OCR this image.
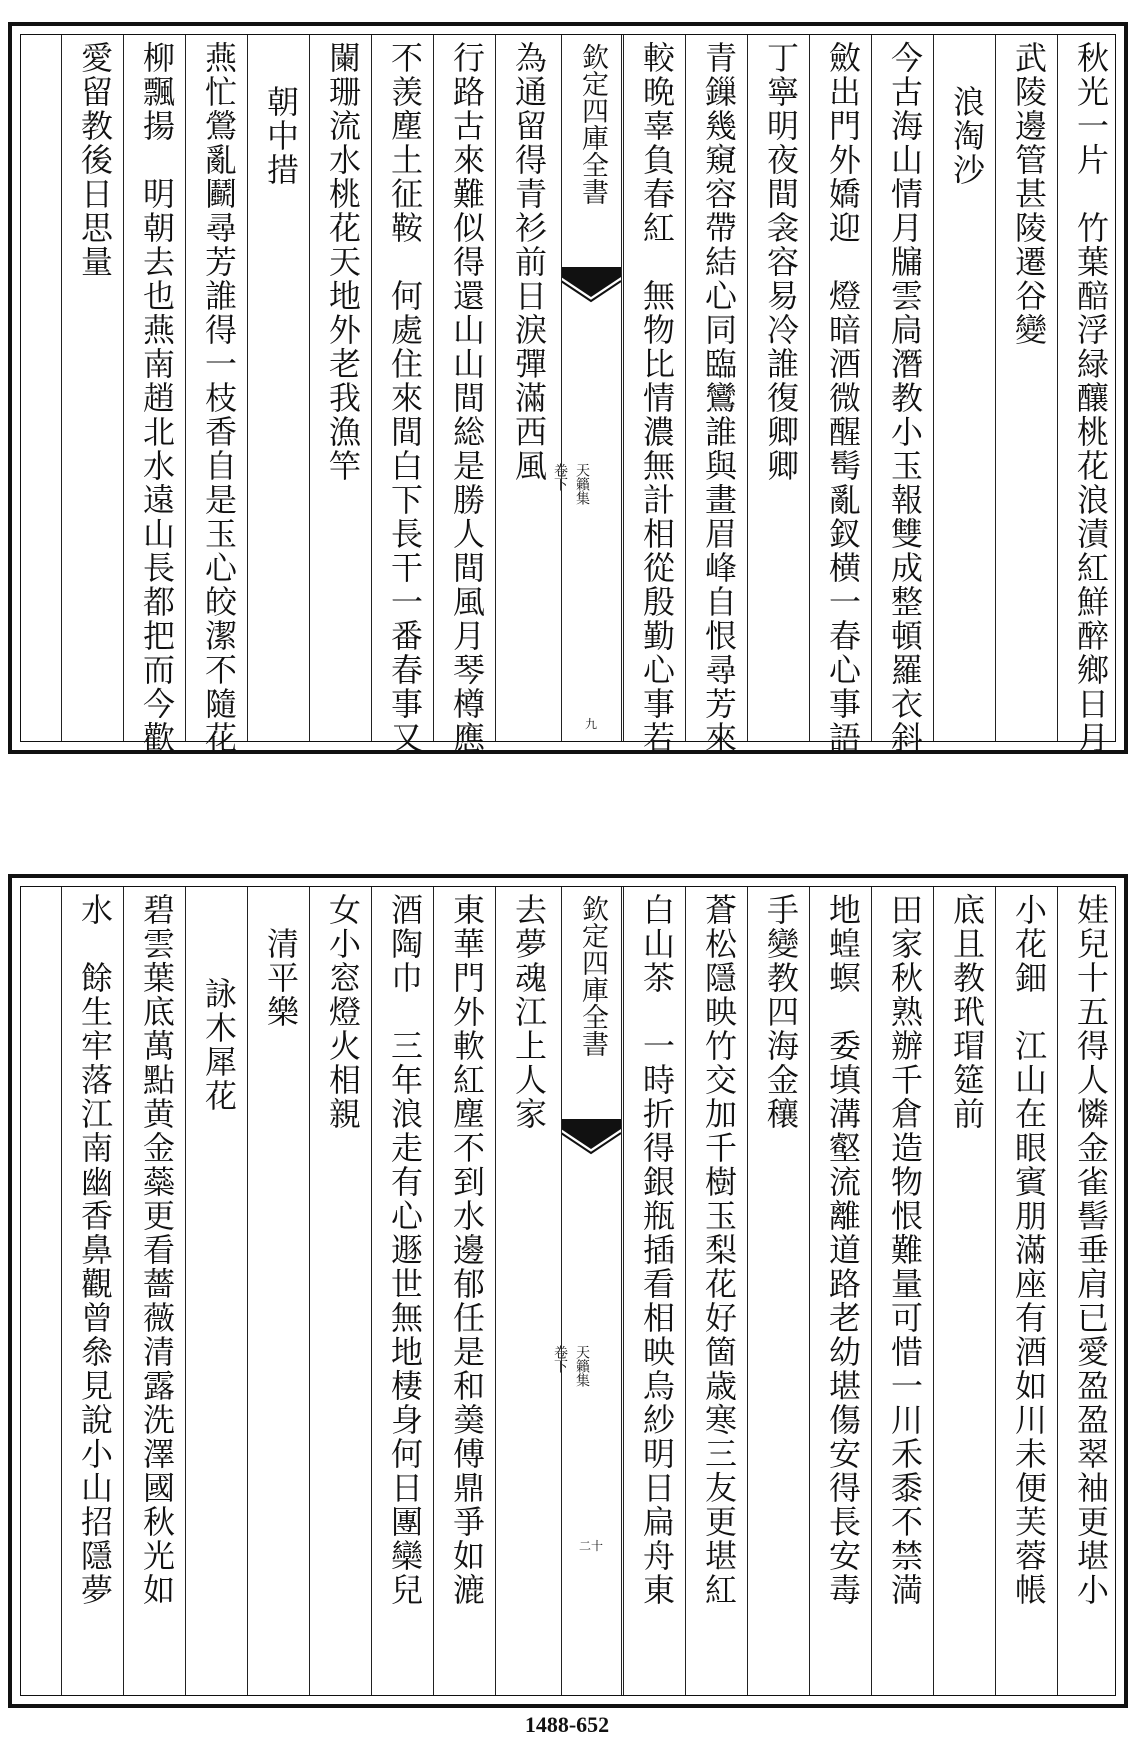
秋光一片　竹葉醅浮緑釀桃花浪漬紅鮮醉鄉日月
武陵邊管甚陵遷谷變
浪淘沙
今古海山情月牖雲扃潛教小玉報雙成整頓羅衣斜
斂出門外嬌迎　燈暗酒微醒髩亂釵横一春心事語
丁寧明夜間衾容易冷誰復卿卿
青鏁幾窺容帶結心同臨鸞誰與畫眉峰自恨尋芳來
較晩辜負春紅　無物比情濃無計相從殷勤心事若
欽定四庫全書

天籟集
卷下

九
為通留得青衫前日淚彈滿西風
行路古來難似得還山山間総是勝人間風月琴樽應
不羡塵土征鞍　何處住來間白下長干一番春事又
闌珊流水桃花天地外老我漁竿
朝中措
燕忙鶯亂鬬尋芳誰得一枝香自是玉心皎潔不隨花
柳飄揚　明朝去也燕南趙北水遠山長都把而今歡
愛留教後日思量
娃兒十五得人憐金雀髻垂肩已愛盈盈翠袖更堪小
小花鈿　江山在眼賓朋滿座有酒如川未便芙蓉帳
底且教玳瑁筵前
田家秋熟辦千倉造物恨難量可惜一川禾黍不禁満
地蝗螟　委填溝壑流離道路老幼堪傷安得長安毒
手變教四海金穰
蒼松隱映竹交加千樹玉梨花好箇歳寒三友更堪紅
白山茶　一時折得銀瓶插看相映烏紗明日扁舟東
欽定四庫全書

天籟集
卷下

二十
去夢魂江上人家
東華門外軟紅塵不到水邊郁任是和羮傅鼎爭如漉
酒陶巾　三年浪走有心遯世無地棲身何日團欒兒
女小窓燈火相親
清平樂
詠木犀花
碧雲葉底萬點黄金蘂更看薔薇清露洗澤國秋光如
水　餘生牢落江南幽香鼻觀曾叅見說小山招隱夢
1488-652
